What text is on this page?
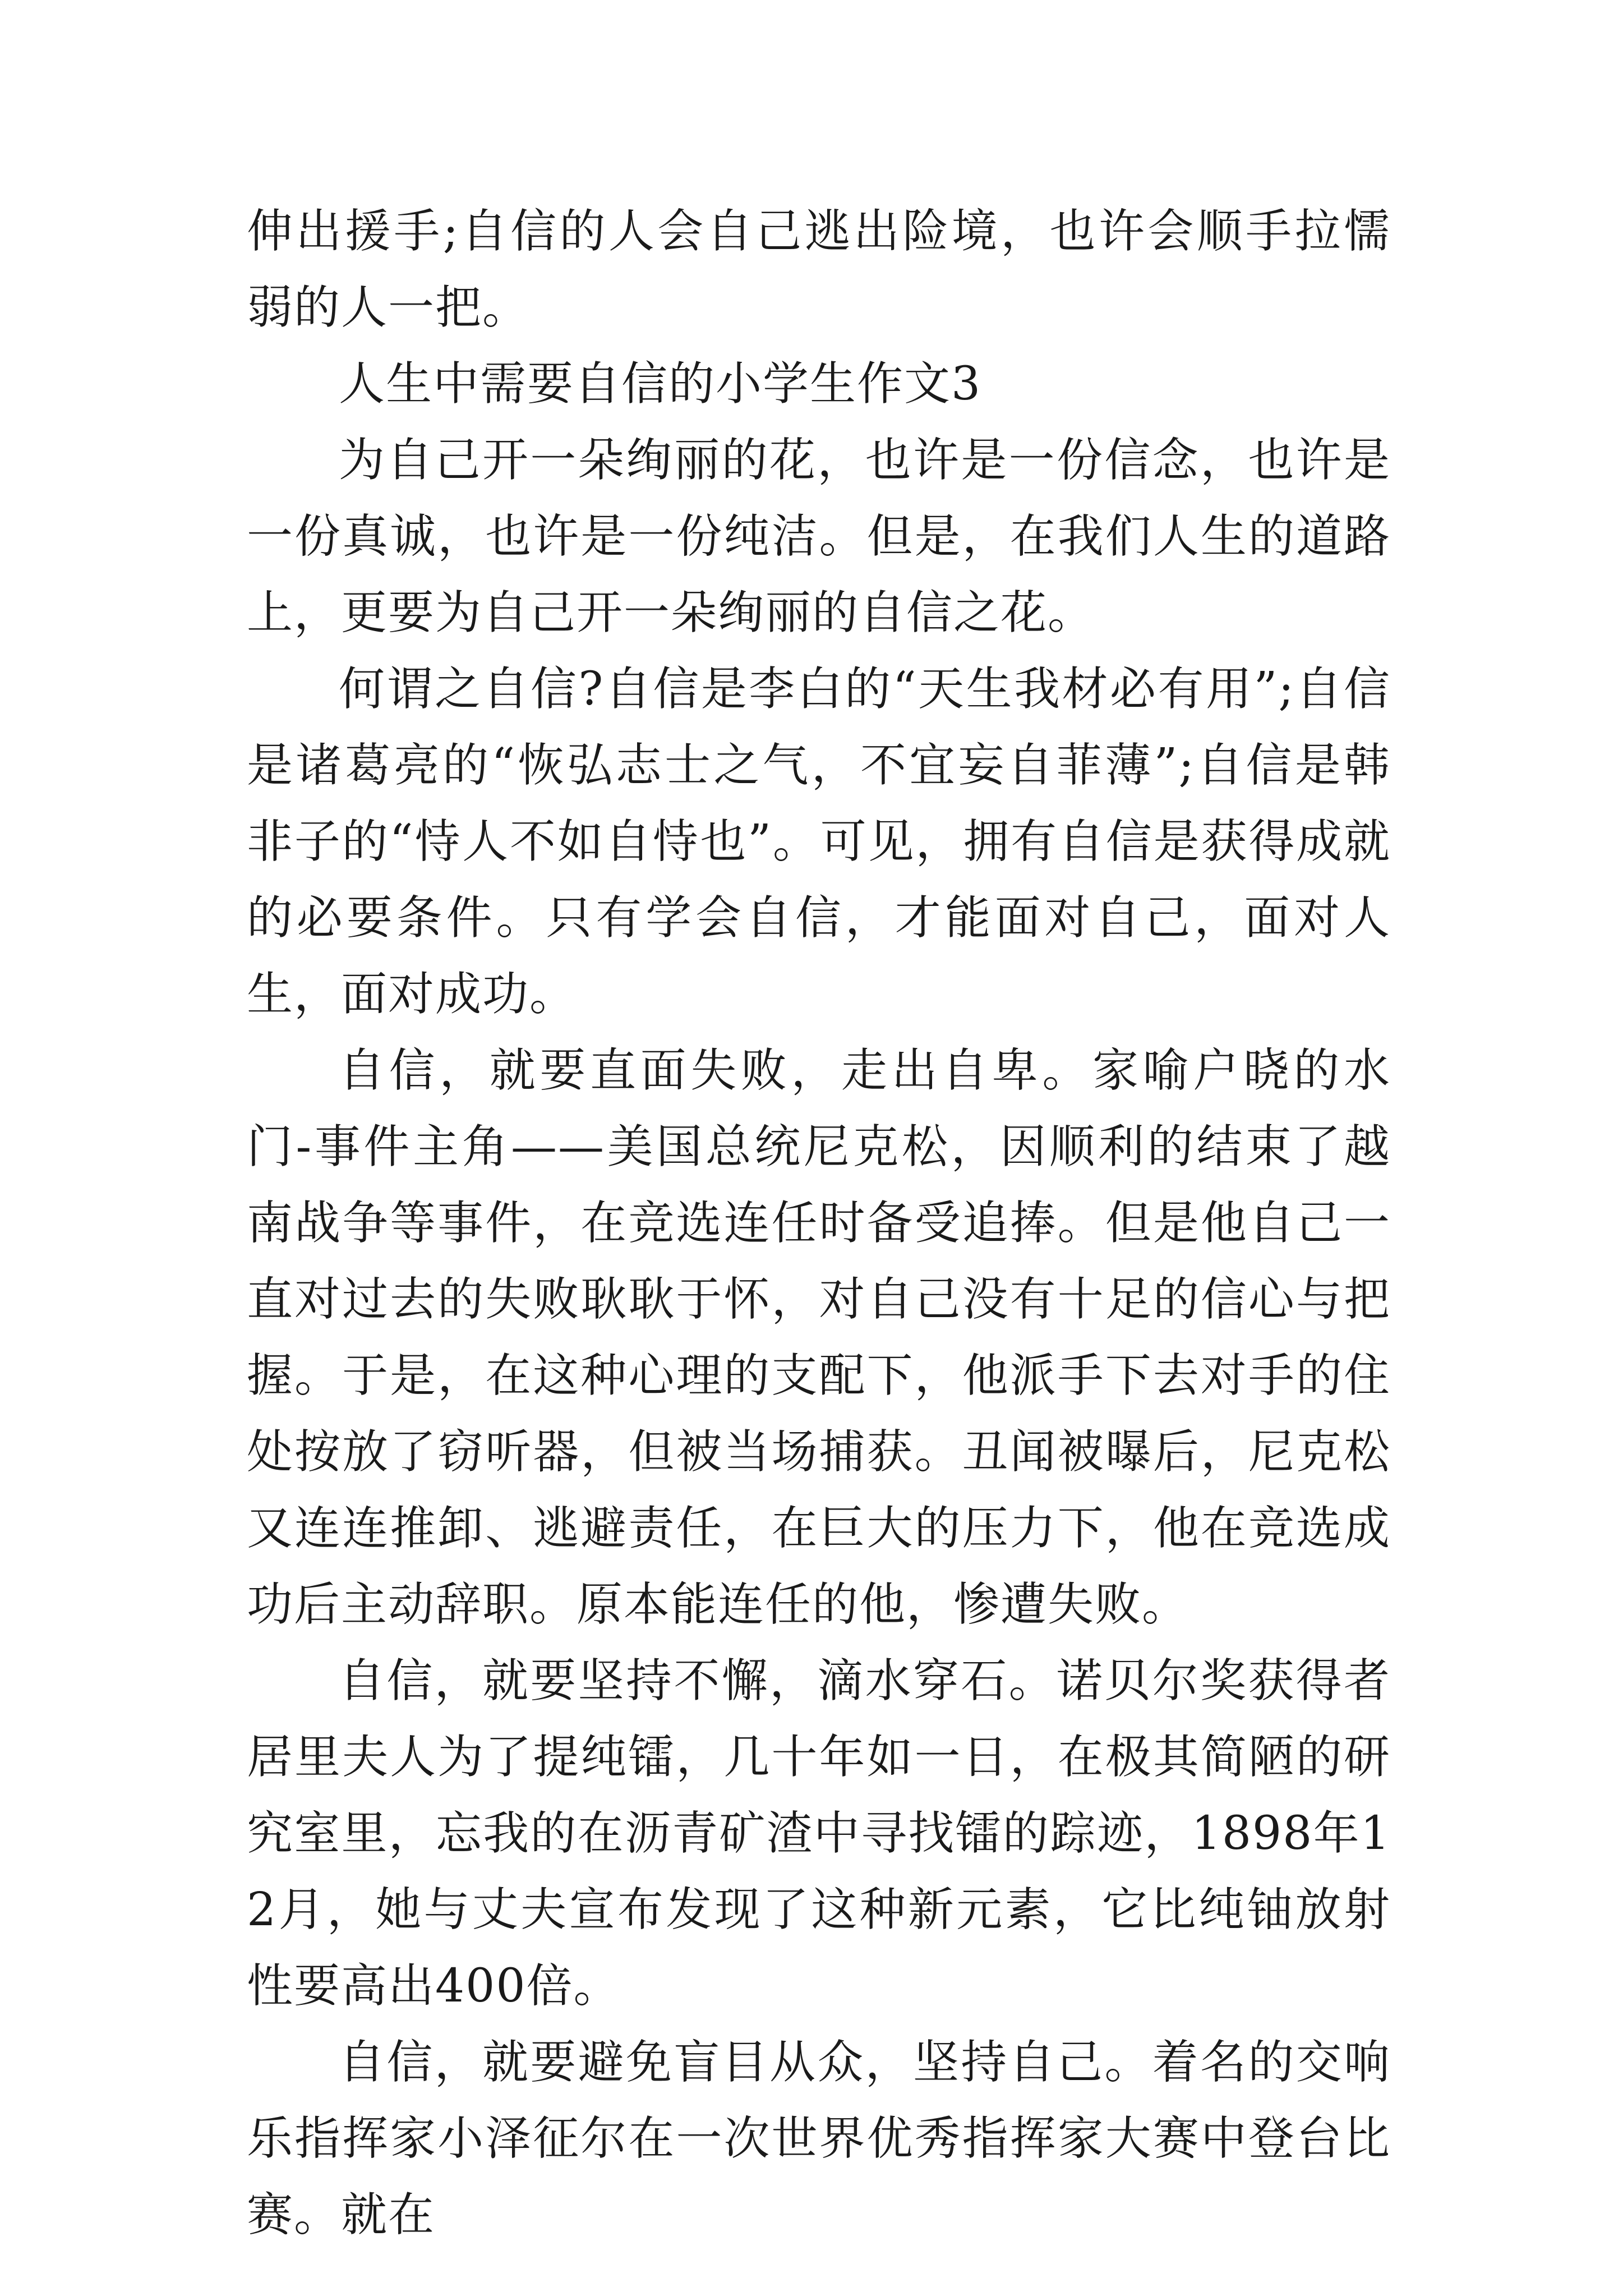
伸出援手;自信的人会自己逃出险境，也许会顺手拉懦弱的人一把。

人生中需要自信的小学生作文3

为自己开一朵绚丽的花，也许是一份信念，也许是一份真诚，也许是一份纯洁。但是，在我们人生的道路上，更要为自己开一朵绚丽的自信之花。

何谓之自信?自信是李白的“天生我材必有用”;自信是诸葛亮的“恢弘志士之气，不宜妄自菲薄”;自信是韩非子的“恃人不如自恃也”。可见，拥有自信是获得成就的必要条件。只有学会自信，才能面对自己，面对人生，面对成功。

自信，就要直面失败，走出自卑。家喻户晓的水门-事件主角——美国总统尼克松，因顺利的结束了越南战争等事件，在竞选连任时备受追捧。但是他自己一直对过去的失败耿耿于怀，对自己没有十足的信心与把握。于是，在这种心理的支配下，他派手下去对手的住处按放了窃听器，但被当场捕获。丑闻被曝后，尼克松又连连推卸、逃避责任，在巨大的压力下，他在竞选成功后主动辞职。原本能连任的他，惨遭失败。

自信，就要坚持不懈，滴水穿石。诺贝尔奖获得者居里夫人为了提纯镭，几十年如一日，在极其简陋的研究室里，忘我的在沥青矿渣中寻找镭的踪迹，1898年12月，她与丈夫宣布发现了这种新元素，它比纯铀放射性要高出400倍。

自信，就要避免盲目从众，坚持自己。着名的交响乐指挥家小泽征尔在一次世界优秀指挥家大赛中登台比赛。就在
